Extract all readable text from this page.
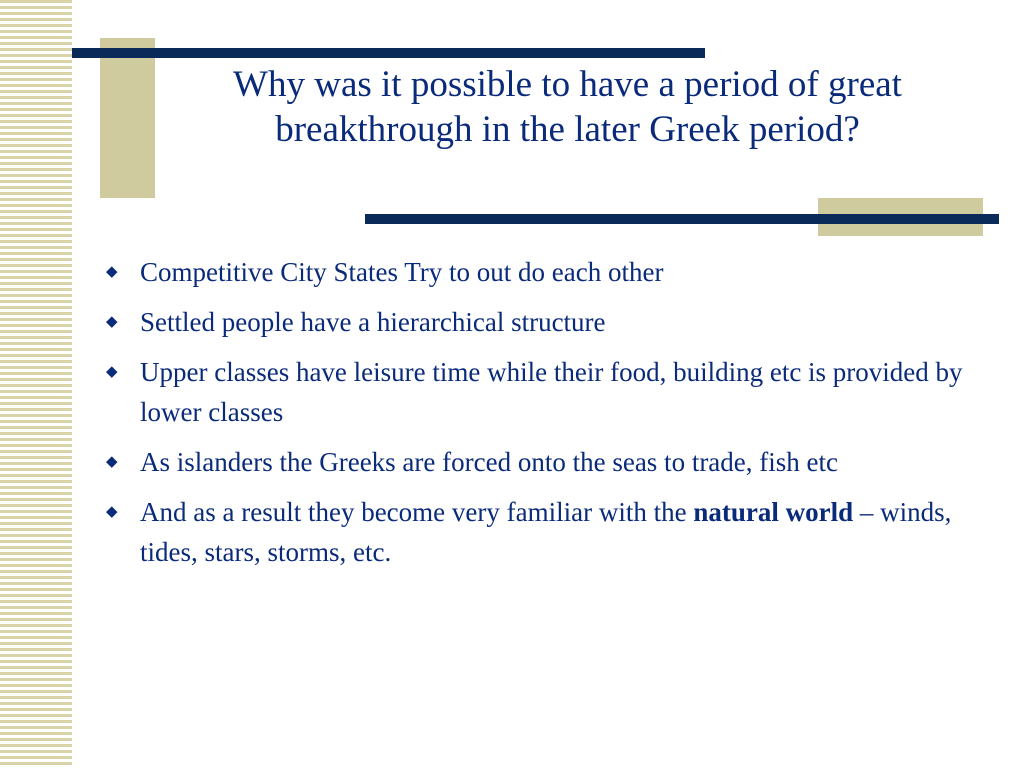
Why was it possible to have a period of great breakthrough in the later Greek period?
◆ Competitive City States Try to out do each other
◆ Settled people have a hierarchical structure
◆ Upper classes have leisure time while their food, building etc is provided by lower classes
◆ As islanders the Greeks are forced onto the seas to trade, fish etc
◆ And as a result they become very familiar with the natural world – winds, tides, stars, storms, etc.
